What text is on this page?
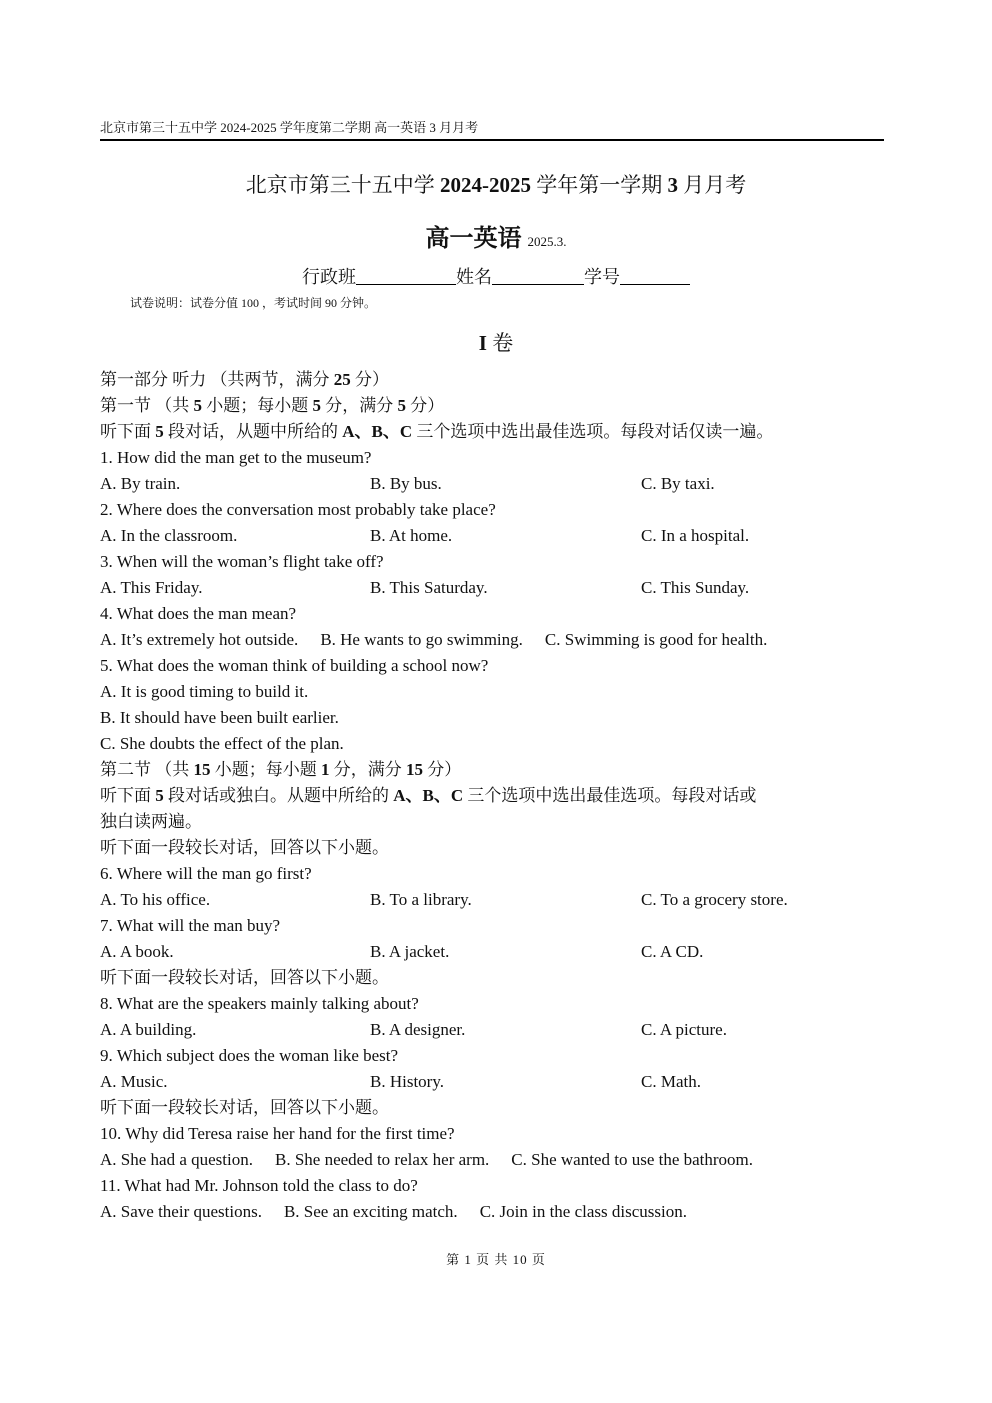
北京市第三十五中学 2024-2025 学年度第二学期 高一英语 3 月月考
北京市第三十五中学 2024-2025 学年第一学期 3 月月考
高一英语 2025.3.
行政班	姓名	学号
试卷说明：试卷分值 100 ，考试时间 90 分钟。
I 卷
第一部分 听力 （共两节，满分 25 分）
第一节 （共 5 小题；每小题 5 分，满分 5 分）
听下面 5 段对话，从题中所给的 A、B、C 三个选项中选出最佳选项。每段对话仅读一遍。
1. How did the man get to the museum?
A. By train.	B. By bus.	C. By taxi.
2. Where does the conversation most probably take place?
A. In the classroom.	B. At home.	C. In a hospital.
3. When will the woman’s flight take off?
A. This Friday.	B. This Saturday.	C. This Sunday.
4. What does the man mean?
A. It’s extremely hot outside. B. He wants to go swimming. C. Swimming is good for health.
5. What does the woman think of building a school now?
A. It is good timing to build it.
B. It should have been built earlier.
C. She doubts the effect of the plan.
第二节 （共 15 小题；每小题 1 分，满分 15 分）
听下面 5 段对话或独白。从题中所给的 A、B、C 三个选项中选出最佳选项。每段对话或
独白读两遍。
听下面一段较长对话，回答以下小题。
6. Where will the man go first?
A. To his office.	B. To a library.	C. To a grocery store.
7. What will the man buy?
A. A book.	B. A jacket.	C. A CD.
听下面一段较长对话，回答以下小题。
8. What are the speakers mainly talking about?
A. A building.	B. A designer.	C. A picture.
9. Which subject does the woman like best?
A. Music.	B. History.	C. Math.
听下面一段较长对话，回答以下小题。
10. Why did Teresa raise her hand for the first time?
A. She had a question. B. She needed to relax her arm. C. She wanted to use the bathroom.
11. What had Mr. Johnson told the class to do?
A. Save their questions. B. See an exciting match. C. Join in the class discussion.
第 1 页 共 10 页
